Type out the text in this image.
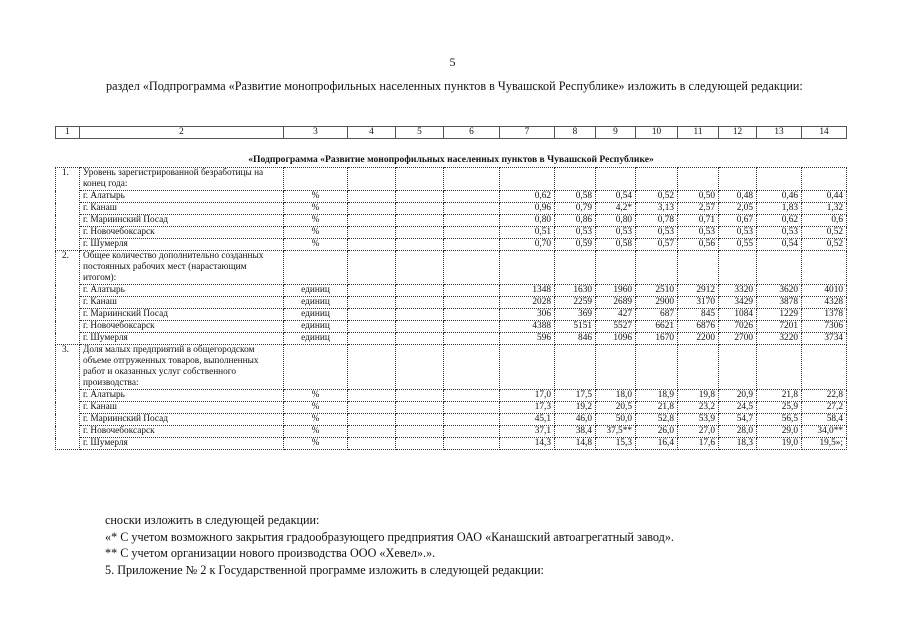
5
раздел «Подпрограмма «Развитие монопрофильных населенных пунктов в Чувашской Республике» изложить в следующей редакции:
1	2	3	4	5	6	7	8	9	10	11	12	13	14

«Подпрограмма «Развитие монопрофильных населенных пунктов в Чувашской Республике»													
1.	Уровень зарегистрированной безработицы на конец года:												
	г. Алатырь	%				0,62	0,58	0,54	0,52	0,50	0,48	0,46	0,44
	г. Канаш	%				0,96	0,79	4,2*	3,13	2,57	2,05	1,83	1,32
	г. Мариинский Посад	%				0,80	0,86	0,80	0,78	0,71	0,67	0,62	0,6
	г. Новочебоксарск	%				0,51	0,53	0,53	0,53	0,53	0,53	0,53	0,52
	г. Шумерля	%				0,70	0,59	0,58	0,57	0,56	0,55	0,54	0,52
2.	Общее количество дополнительно созданных постоянных рабочих мест (нарастающим итогом):												
	г. Алатырь	единиц				1348	1630	1960	2510	2912	3320	3620	4010
	г. Канаш	единиц				2028	2259	2689	2900	3170	3429	3878	4328
	г. Мариинский Посад	единиц				306	369	427	687	845	1084	1229	1378
	г. Новочебоксарск	единиц				4388	5151	5527	6621	6876	7026	7201	7306
	г. Шумерля	единиц				596	846	1096	1670	2200	2700	3220	3734
3.	Доля малых предприятий в общегородском объеме отгруженных товаров, выполненных работ и оказанных услуг собственного производства:												
	г. Алатырь	%				17,0	17,5	18,0	18,9	19,8	20,9	21,8	22,8
	г. Канаш	%				17,3	19,2	20,5	21,8	23,2	24,5	25,9	27,2
	г. Мариинский Посад	%				45,1	46,0	50,0	52,8	53,9	54,7	56,5	58,4
	г. Новочебоксарск	%				37,1	38,4	37,5**	26,0	27,0	28,0	29,0	34,0**
	г. Шумерля	%				14,3	14,8	15,3	16,4	17,6	18,3	19,0	19,5»;
сноски изложить в следующей редакции:
«* С учетом возможного закрытия градообразующего предприятия ОАО «Канашский автоагрегатный завод».
** С учетом организации нового производства ООО «Хевел».».
5. Приложение № 2 к Государственной программе изложить в следующей редакции:
